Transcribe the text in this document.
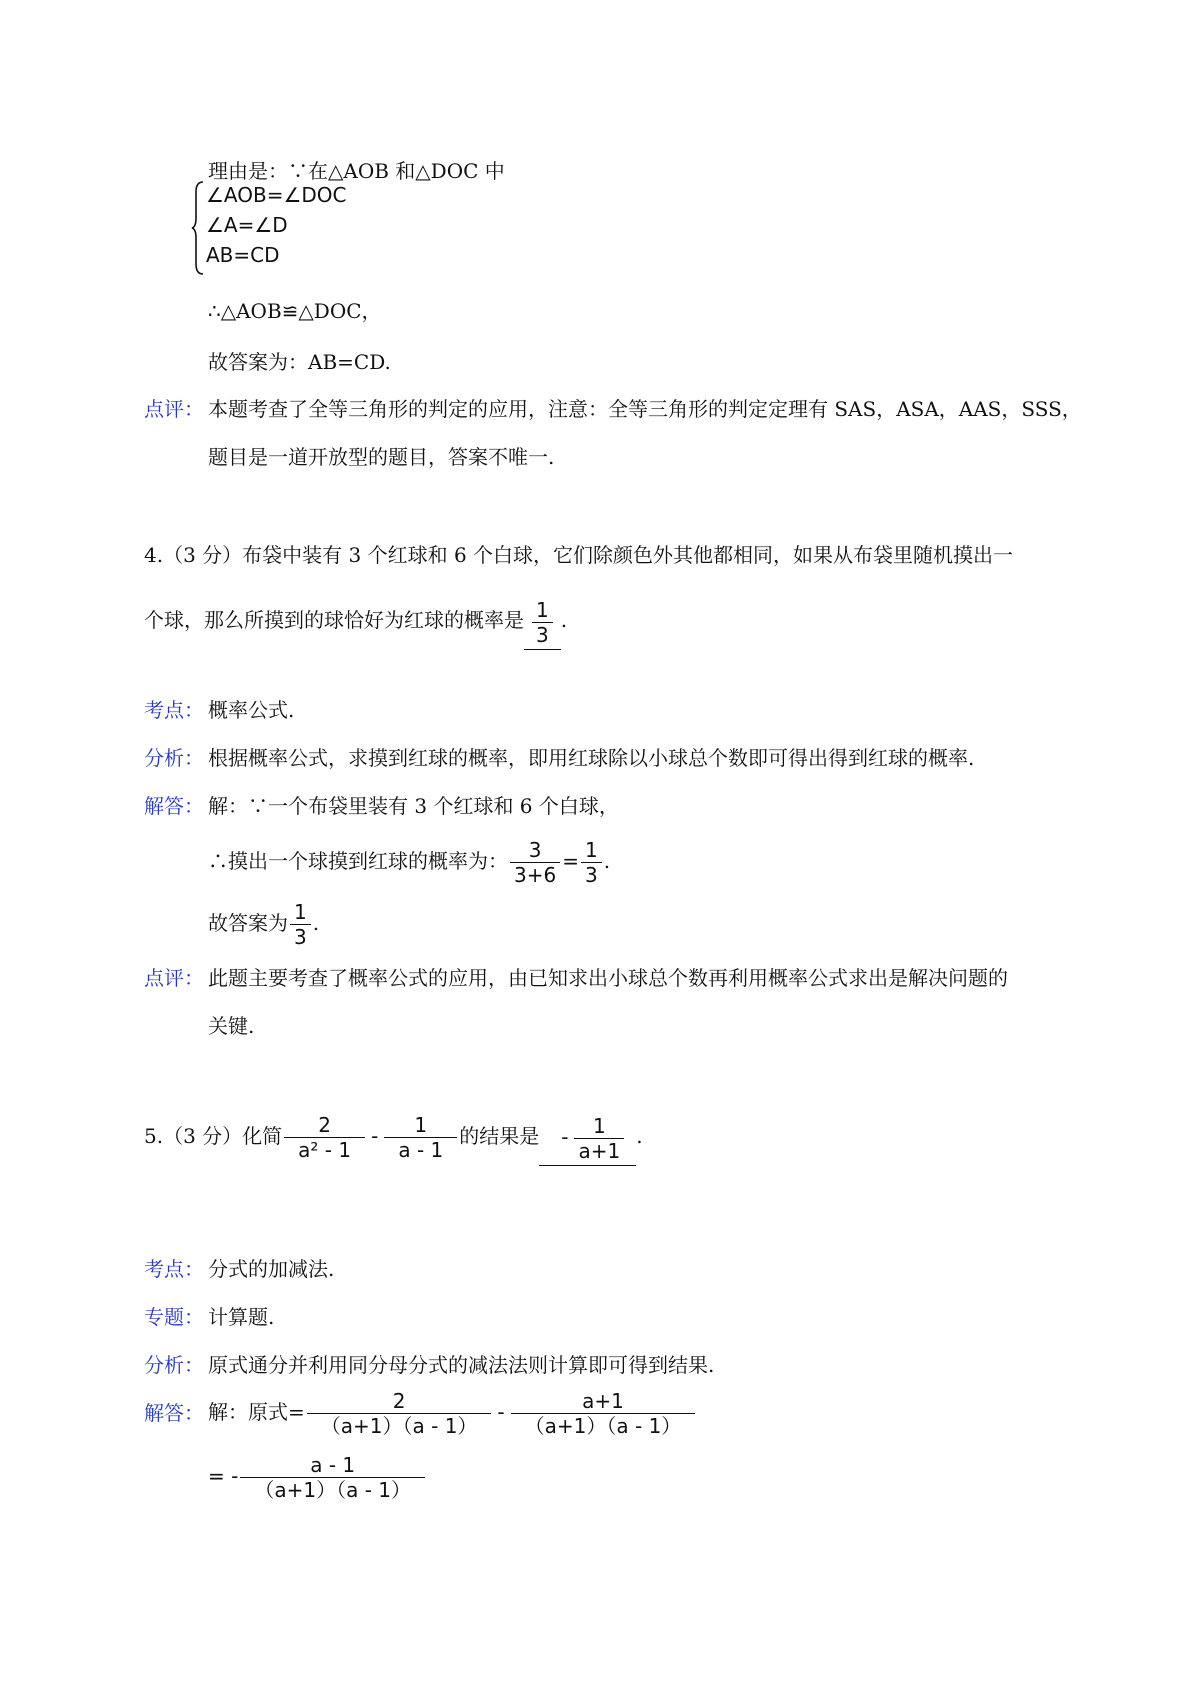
理由是：∵在△AOB 和△DOC 中
∠AOB=∠DOC
∠A=∠D
AB=CD
∴△AOB≌△DOC，
故答案为：AB=CD.
点评： 本题考查了全等三角形的判定的应用，注意：全等三角形的判定定理有 SAS，ASA，AAS，SSS，
题目是一道开放型的题目，答案不唯一.
4.（3 分）布袋中装有 3 个红球和 6 个白球，它们除颜色外其他都相同，如果从布袋里随机摸出一
个球，那么所摸到的球恰好为红球的概率是 $\frac{1}{3}$ .
考点： 概率公式.
分析： 根据概率公式，求摸到红球的概率，即用红球除以小球总个数即可得出得到红球的概率.
解答： 解：∵一个布袋里装有 3 个红球和 6 个白球，
∴摸出一个球摸到红球的概率为： $\frac{3}{3+6} = \frac{1}{3}$ .
故答案为 $\frac{1}{3}$ .
点评： 此题主要考查了概率公式的应用，由已知求出小球总个数再利用概率公式求出是解决问题的
关键.
5.（3 分）化简 $\frac{2}{\text{a² - 1}} - \frac{1}{a - 1}$ 的结果是 - $\frac{1}{a+1}$ .
考点： 分式的加减法.
专题： 计算题.
分析： 原式通分并利用同分母分式的减法法则计算即可得到结果.
解答： 解：原式= $\frac{2}{(a+1)(a - 1)} - \frac{a+1}{(a+1)(a - 1)}$
= - $\frac{a - 1}{(a+1)(a - 1)}$
